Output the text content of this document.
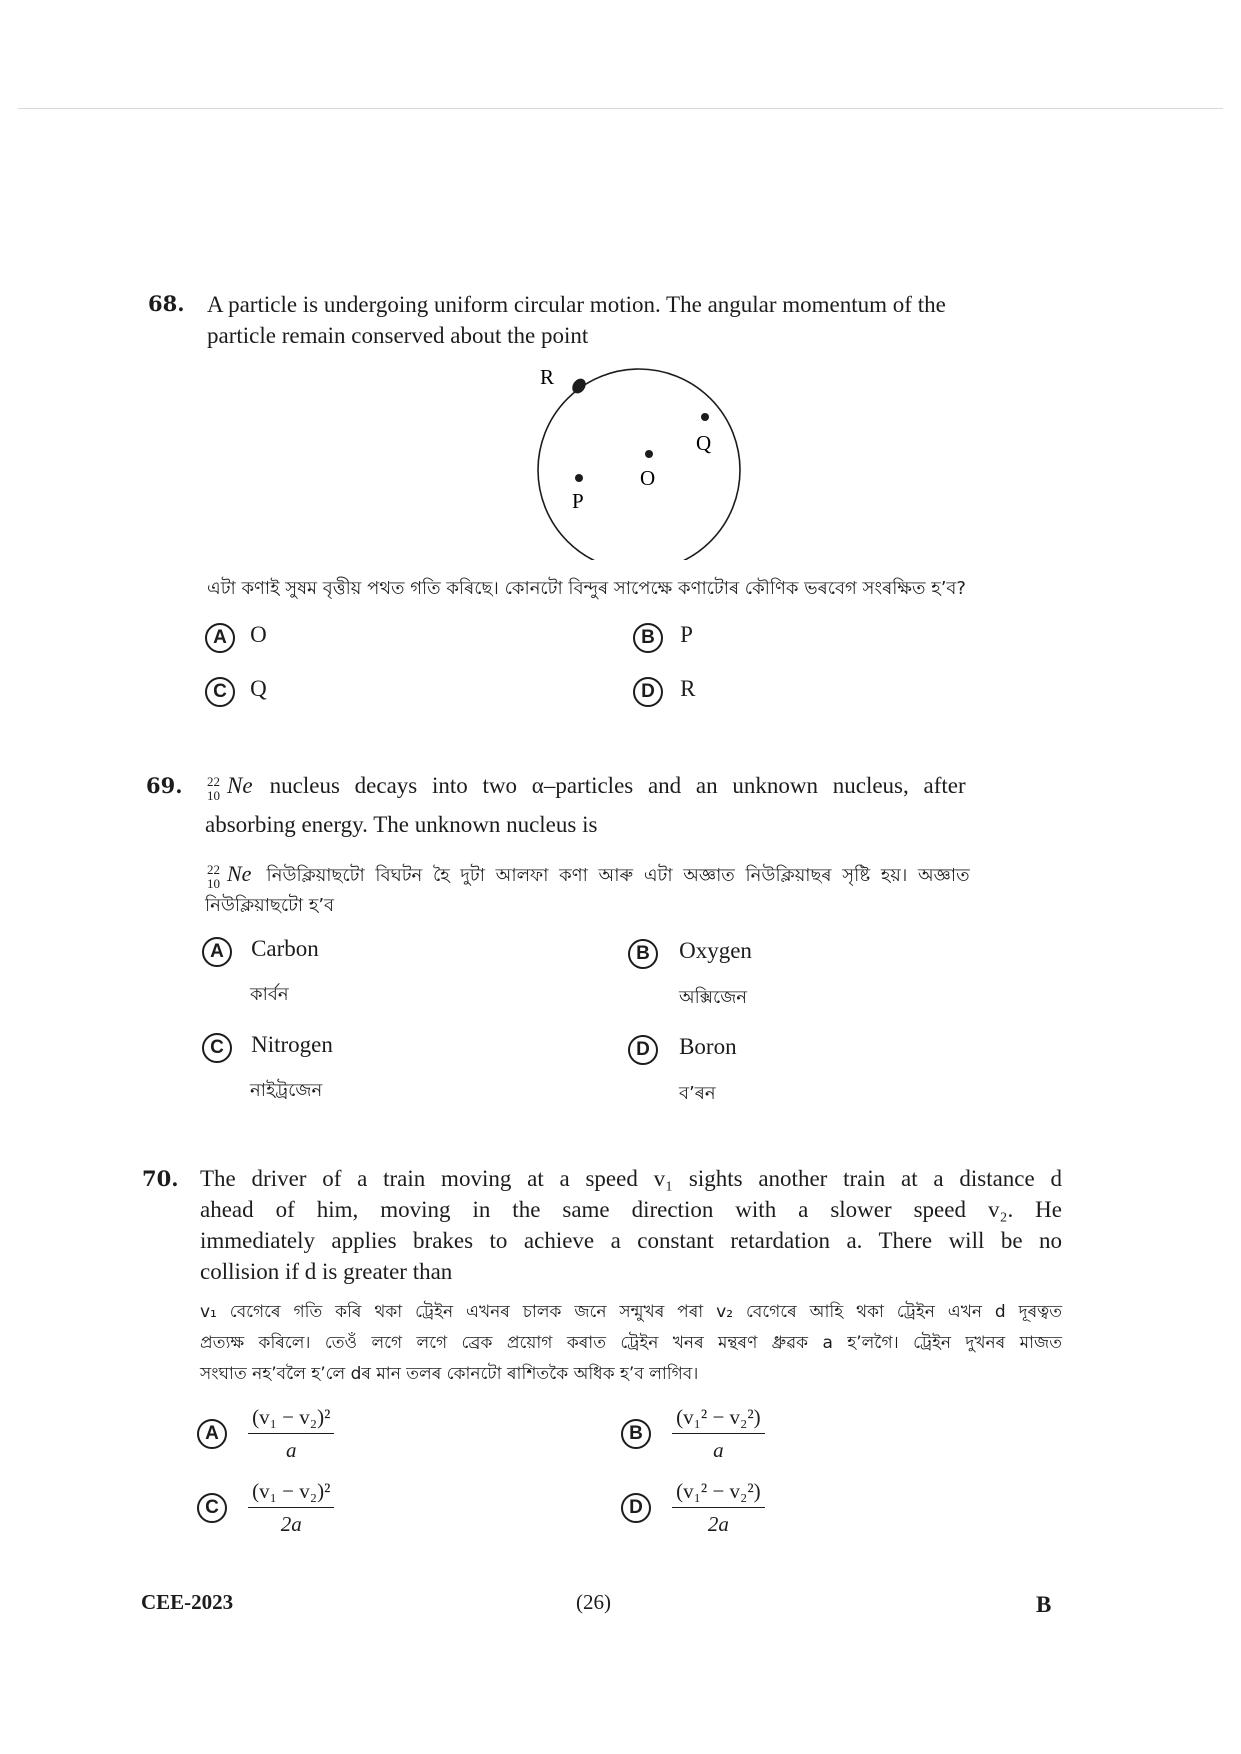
68. A particle is undergoing uniform circular motion. The angular momentum of the
particle remain conserved about the point
R
Q
O
P
এটা কণাই সুষম বৃত্তীয় পথত গতি কৰিছে। কোনটো বিন্দুৰ সাপেক্ষে কণাটোৰ কৌণিক ভৰবেগ সংৰক্ষিত হ’ব?
A O	B P
C Q	D R
69. 22
10 Ne nucleus decays into two α–particles and an unknown nucleus, after
absorbing energy. The unknown nucleus is
22
10 Ne নিউক্লিয়াছটো বিঘটন হৈ দুটা আলফা কণা আৰু এটা অজ্ঞাত নিউক্লিয়াছৰ সৃষ্টি হয়। অজ্ঞাত
নিউক্লিয়াছটো হ’ব
A Carbon
কাৰ্বন
B Oxygen
অক্সিজেন
C Nitrogen
নাইট্ৰজেন
D Boron
ব’ৰন
70. The driver of a train moving at a speed v₁ sights another train at a distance d
ahead of him, moving in the same direction with a slower speed v₂. He
immediately applies brakes to achieve a constant retardation a. There will be no
collision if d is greater than
v₁ বেগেৰে গতি কৰি থকা ট্ৰেইন এখনৰ চালক জনে সন্মুখৰ পৰা v₂ বেগেৰে আহি থকা ট্ৰেইন এখন d দূৰত্বত
প্ৰত্যক্ষ কৰিলে। তেওঁ লগে লগে ব্ৰেক প্ৰয়োগ কৰাত ট্ৰেইন খনৰ মন্থৰণ ধ্ৰুৱক a হ’লগৈ। ট্ৰেইন দুখনৰ মাজত
সংঘাত নহ’বলৈ হ’লে dৰ মান তলৰ কোনটো ৰাশিতকৈ অধিক হ’ব লাগিব।
A $\frac{\text{(v₁ − v₂)²}}{a}$	B $\frac{\text{(v₁² − v₂²)}}{a}$
C $\frac{\text{(v₁ − v₂)²}}{2a}$	D $\frac{\text{(v₁² − v₂²)}}{2a}$
CEE-2023	(26)	B
